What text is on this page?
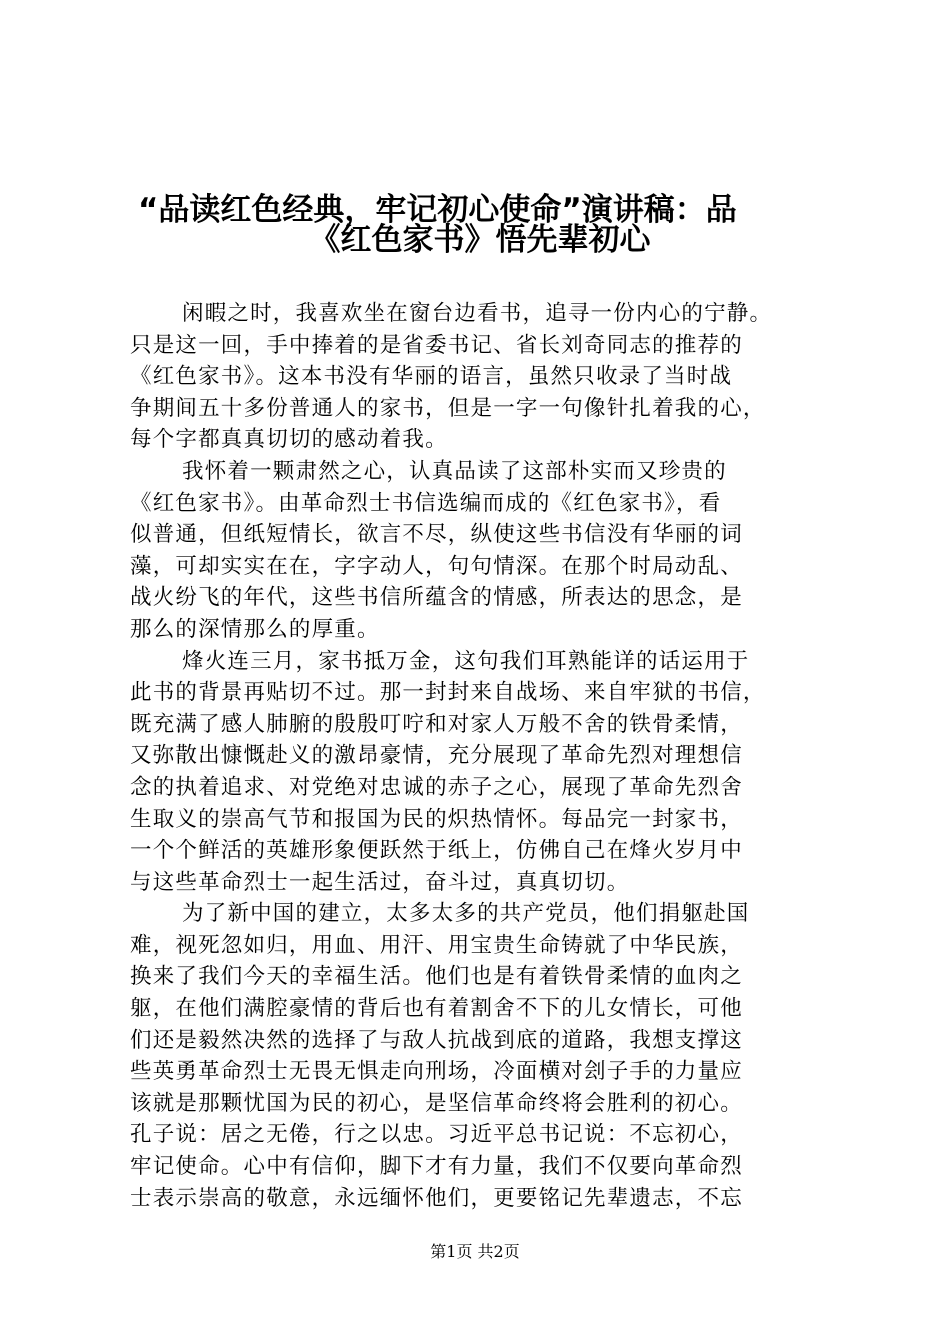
“品读红色经典，牢记初心使命”演讲稿：品
《红色家书》悟先辈初心
闲暇之时，我喜欢坐在窗台边看书，追寻一份内心的宁静。
只是这一回，手中捧着的是省委书记、省长刘奇同志的推荐的
《红色家书》。这本书没有华丽的语言，虽然只收录了当时战
争期间五十多份普通人的家书，但是一字一句像针扎着我的心，
每个字都真真切切的感动着我。
我怀着一颗肃然之心，认真品读了这部朴实而又珍贵的
《红色家书》。由革命烈士书信选编而成的《红色家书》，看
似普通，但纸短情长，欲言不尽，纵使这些书信没有华丽的词
藻，可却实实在在，字字动人，句句情深。在那个时局动乱、
战火纷飞的年代，这些书信所蕴含的情感，所表达的思念，是
那么的深情那么的厚重。
烽火连三月，家书抵万金，这句我们耳熟能详的话运用于
此书的背景再贴切不过。那一封封来自战场、来自牢狱的书信，
既充满了感人肺腑的殷殷叮咛和对家人万般不舍的铁骨柔情，
又弥散出慷慨赴义的激昂豪情，充分展现了革命先烈对理想信
念的执着追求、对党绝对忠诚的赤子之心，展现了革命先烈舍
生取义的崇高气节和报国为民的炽热情怀。每品完一封家书，
一个个鲜活的英雄形象便跃然于纸上，仿佛自己在烽火岁月中
与这些革命烈士一起生活过，奋斗过，真真切切。
为了新中国的建立，太多太多的共产党员，他们捐躯赴国
难，视死忽如归，用血、用汗、用宝贵生命铸就了中华民族，
换来了我们今天的幸福生活。他们也是有着铁骨柔情的血肉之
躯，在他们满腔豪情的背后也有着割舍不下的儿女情长，可他
们还是毅然决然的选择了与敌人抗战到底的道路，我想支撑这
些英勇革命烈士无畏无惧走向刑场，冷面横对刽子手的力量应
该就是那颗忧国为民的初心，是坚信革命终将会胜利的初心。
孔子说：居之无倦，行之以忠。习近平总书记说：不忘初心，
牢记使命。心中有信仰，脚下才有力量，我们不仅要向革命烈
士表示崇高的敬意，永远缅怀他们，更要铭记先辈遗志，不忘
第1页 共2页
